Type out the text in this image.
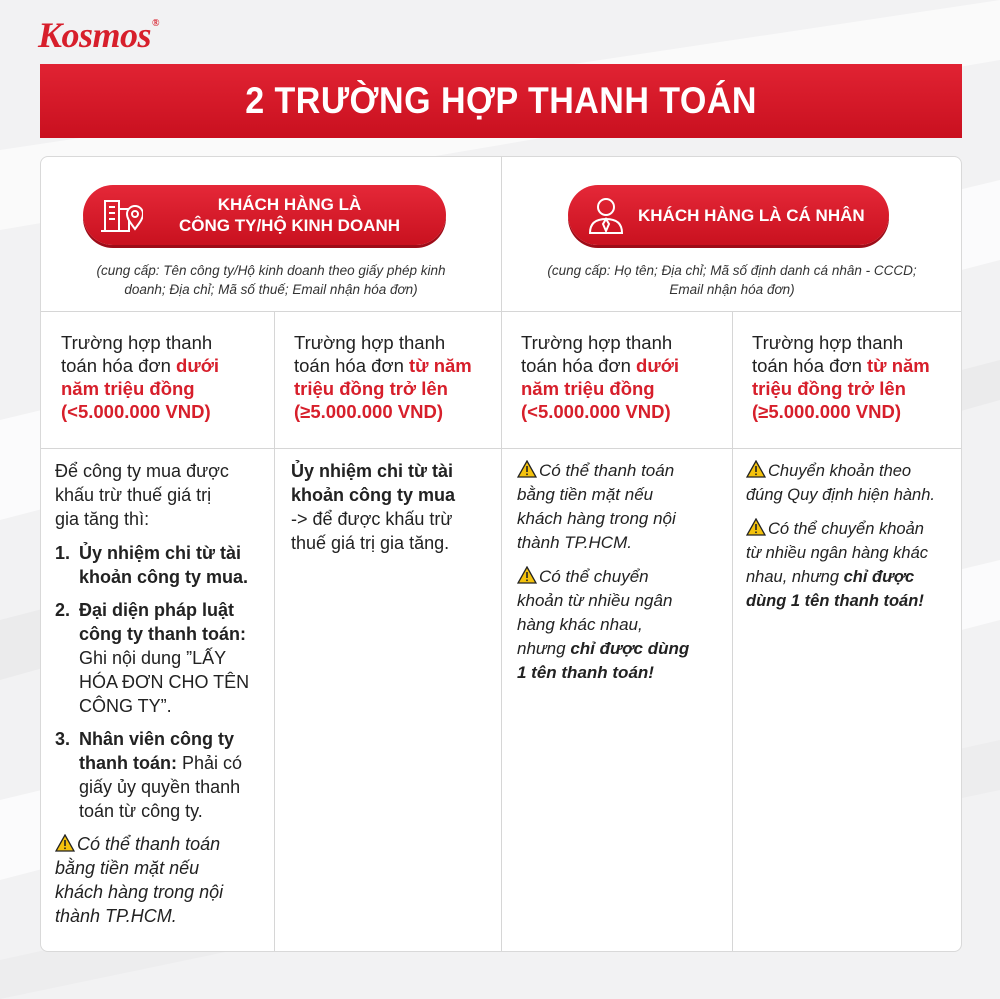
Kosmos®
2 TRƯỜNG HỢP THANH TOÁN
KHÁCH HÀNG LÀ
CÔNG TY/HỘ KINH DOANH
(cung cấp: Tên công ty/Hộ kinh doanh theo giấy phép kinh
doanh; Địa chỉ; Mã số thuế; Email nhận hóa đơn)
KHÁCH HÀNG LÀ CÁ NHÂN
(cung cấp: Họ tên; Địa chỉ; Mã số định danh cá nhân - CCCD;
Email nhận hóa đơn)
Trường hợp thanh
toán hóa đơn dưới
năm triệu đồng
(<5.000.000 VND)
Trường hợp thanh
toán hóa đơn từ năm
triệu đồng trở lên
(≥5.000.000 VND)
Trường hợp thanh
toán hóa đơn dưới
năm triệu đồng
(<5.000.000 VND)
Trường hợp thanh
toán hóa đơn từ năm
triệu đồng trở lên
(≥5.000.000 VND)

Để công ty mua được
khấu trừ thuế giá trị
gia tăng thì:

1. Ủy nhiệm chi từ tài
khoản công ty mua.
2. Đại diện pháp luật
công ty thanh toán:
Ghi nội dung ”LẤY
HÓA ĐƠN CHO TÊN
CÔNG TY”.
3. Nhân viên công ty
thanh toán: Phải có
giấy ủy quyền thanh
toán từ công ty.

Có thể thanh toán
bằng tiền mặt nếu
khách hàng trong nội
thành TP.HCM.

Ủy nhiệm chi từ tài
khoản công ty mua
-> để được khấu trừ
thuế giá trị gia tăng.

Có thể thanh toán
bằng tiền mặt nếu
khách hàng trong nội
thành TP.HCM.

Có thể chuyển
khoản từ nhiều ngân
hàng khác nhau,
nhưng chỉ được dùng
1 tên thanh toán!

Chuyển khoản theo
đúng Quy định hiện hành.

Có thể chuyển khoản
từ nhiều ngân hàng khác
nhau, nhưng chỉ được
dùng 1 tên thanh toán!
